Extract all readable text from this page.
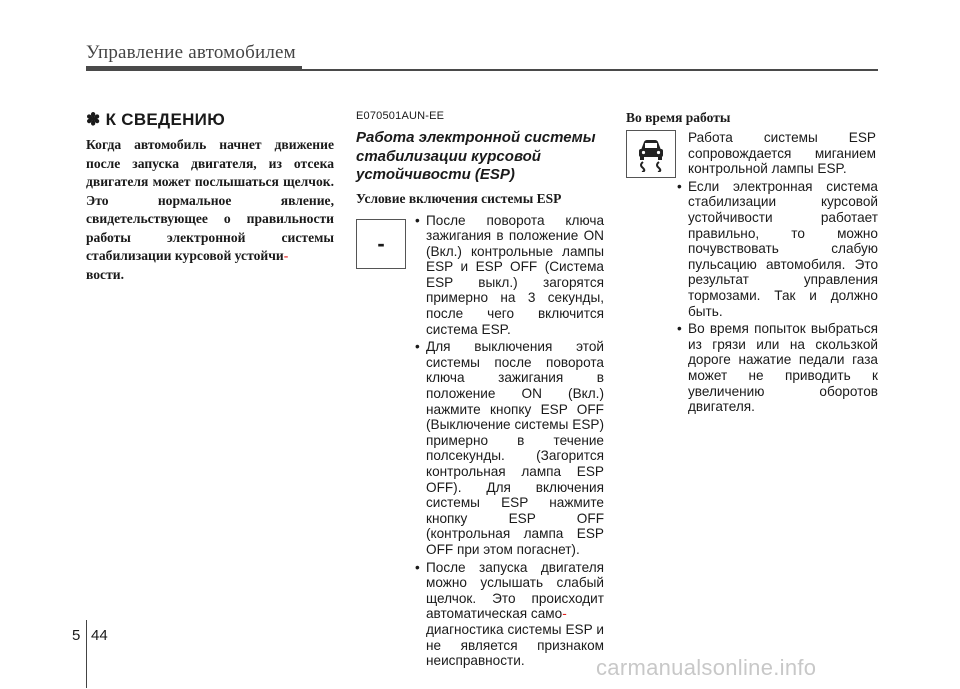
Управление автомобилем
✽ К СВЕДЕНИЮ
Когда автомобиль начнет движение после запуска двигателя, из отсека двигателя может послышаться щелчок. Это нормальное явление, свидетельствующее о правильности работы электронной системы стабилизации курсовой устойчи-
вости.
E070501AUN-EE
Работа электронной системы стабилизации курсовой устойчивости (ESP)
Условие включения системы ESP
-
• После поворота ключа зажигания в положение ON (Вкл.) контрольные лампы ESP и ESP OFF (Система ESP выкл.) загорятся примерно на 3 секунды, после чего включится система ESP.
• Для выключения этой системы после поворота ключа зажигания в положение ON (Вкл.) нажмите кнопку ESP OFF (Выключение системы ESP) примерно в течение полсекунды. (Загорится контрольная лампа ESP OFF). Для включения системы ESP нажмите кнопку ESP OFF (контрольная лампа ESP OFF при этом погаснет).
• После запуска двигателя можно услышать слабый щелчок. Это происходит автоматическая само-
диагностика системы ESP и не является признаком неисправности.
Во время работы
Работа системы ESP сопровождается миганием контрольной лампы ESP.
• Если электронная система стабилизации курсовой устойчивости работает правильно, то можно почувствовать слабую пульсацию автомобиля. Это результат управления тормозами. Так и должно быть.
• Во время попыток выбраться из грязи или на скользкой дороге нажатие педали газа может не приводить к увеличению оборотов двигателя.
5 44
carmanualsonline.info
